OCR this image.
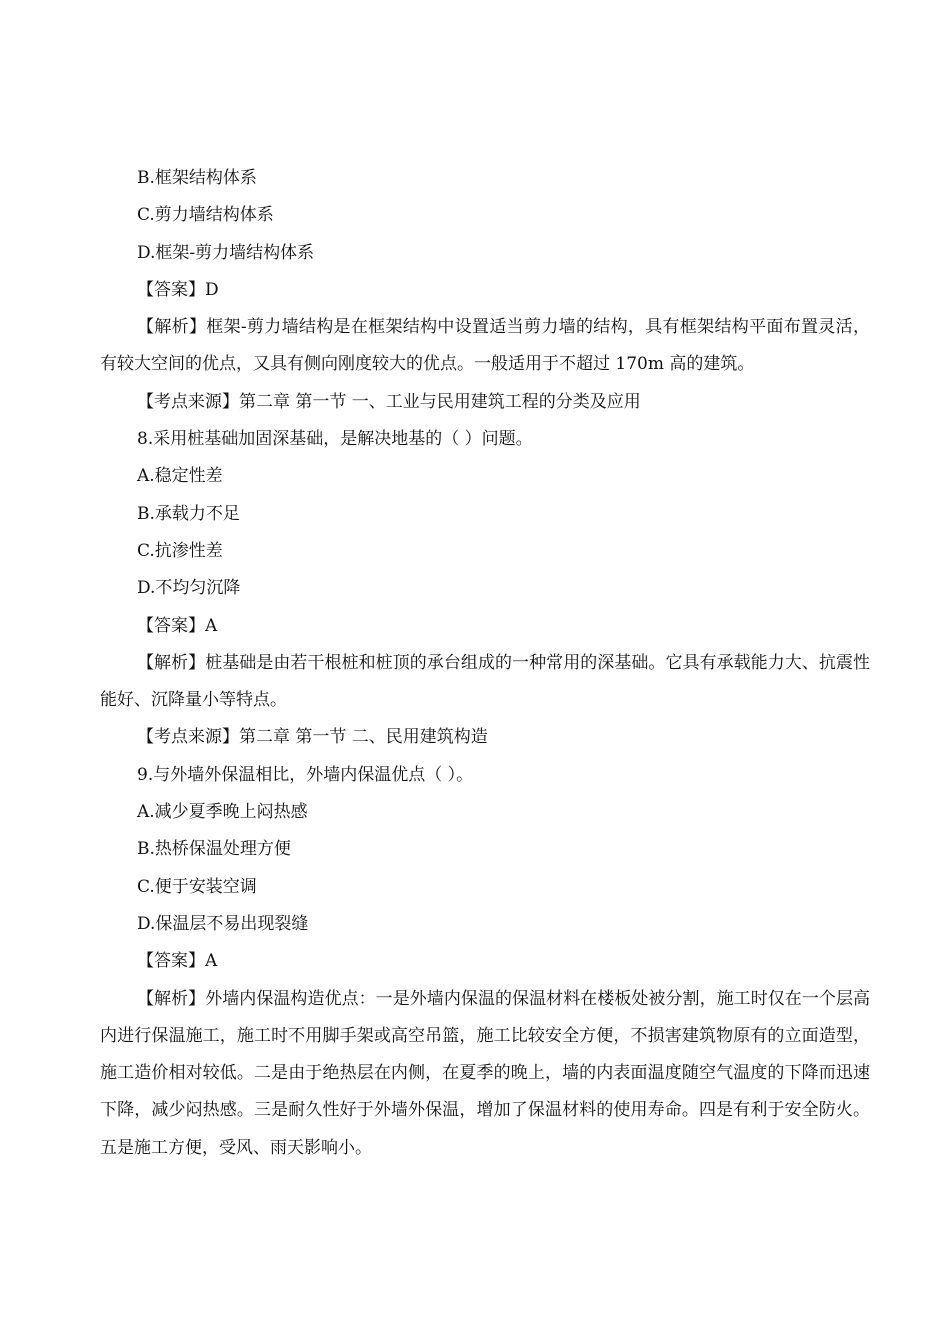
B.框架结构体系
C.剪力墙结构体系
D.框架-剪力墙结构体系
【答案】D
【解析】框架-剪力墙结构是在框架结构中设置适当剪力墙的结构，具有框架结构平面布置灵活，有较大空间的优点，又具有侧向刚度较大的优点。一般适用于不超过 170m 高的建筑。
【考点来源】第二章 第一节 一、工业与民用建筑工程的分类及应用
8.采用桩基础加固深基础，是解决地基的（ ）问题。
A.稳定性差
B.承载力不足
C.抗渗性差
D.不均匀沉降
【答案】A
【解析】桩基础是由若干根桩和桩顶的承台组成的一种常用的深基础。它具有承载能力大、抗震性能好、沉降量小等特点。
【考点来源】第二章 第一节 二、民用建筑构造
9.与外墙外保温相比，外墙内保温优点（ ）。
A.减少夏季晚上闷热感
B.热桥保温处理方便
C.便于安装空调
D.保温层不易出现裂缝
【答案】A
【解析】外墙内保温构造优点：一是外墙内保温的保温材料在楼板处被分割，施工时仅在一个层高内进行保温施工，施工时不用脚手架或高空吊篮，施工比较安全方便，不损害建筑物原有的立面造型，施工造价相对较低。二是由于绝热层在内侧，在夏季的晚上，墙的内表面温度随空气温度的下降而迅速下降，减少闷热感。三是耐久性好于外墙外保温，增加了保温材料的使用寿命。四是有利于安全防火。五是施工方便，受风、雨天影响小。
